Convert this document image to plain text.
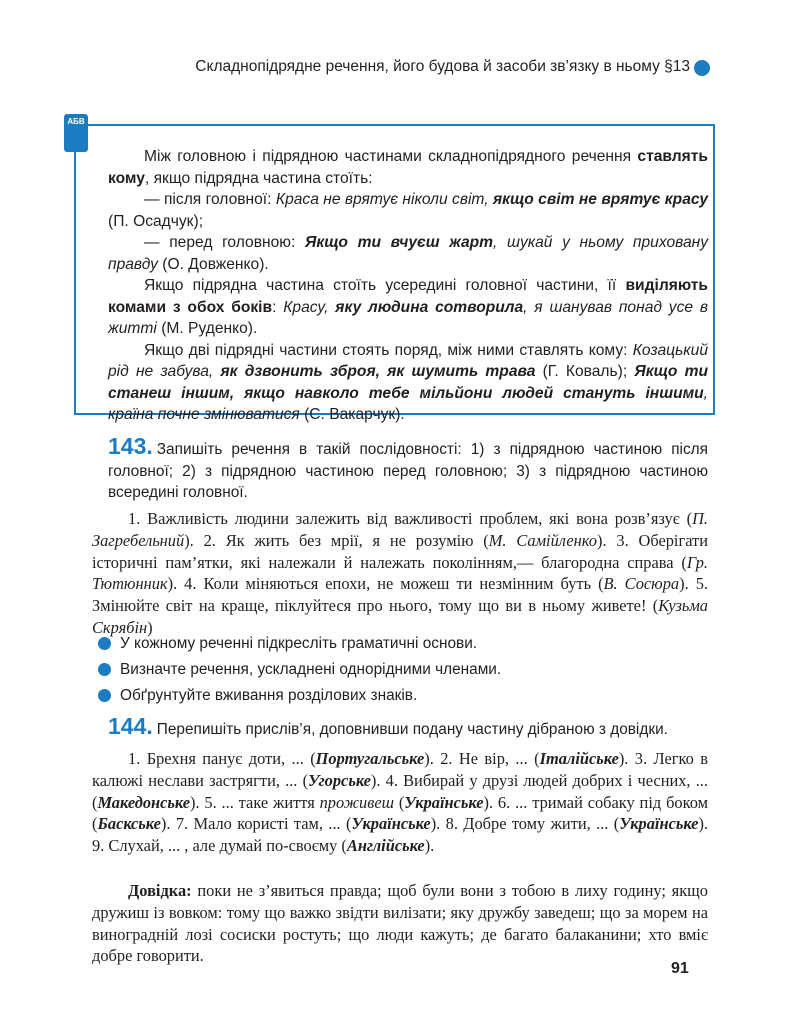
Складнопідрядне речення, його будова й засоби зв’язку в ньому §13
АБВ

Між головною і підрядною частинами складнопідрядного речення ставлять кому, якщо підрядна частина стоїть:

— після головної: Краса не врятує ніколи світ, якщо світ не врятує красу (П. Осадчук);

— перед головною: Якщо ти вчуєш жарт, шукай у ньому приховану правду (О. Довженко).

Якщо підрядна частина стоїть усередині головної частини, її виділяють комами з обох боків: Красу, яку людина сотворила, я шанував понад усе в житті (М. Руденко).

Якщо дві підрядні частини стоять поряд, між ними ставлять кому: Козацький рід не забува, як дзвонить зброя, як шумить трава (Г. Коваль); Якщо ти станеш іншим, якщо навколо тебе мільйони людей стануть іншими, країна почне змінюватися (С. Вакарчук).

143. Запишіть речення в такій послідовності: 1) з підрядною частиною після головної; 2) з підрядною частиною перед головною; 3) з підрядною частиною всередині головної.

1. Важливість людини залежить від важливості проблем, які вона розв’язує (П. Загребельний). 2. Як жить без мрії, я не розумію (М. Самійленко). 3. Оберігати історичні пам’ятки, які належали й належать поколінням,— благородна справа (Гр. Тютюнник). 4. Коли міняються епохи, не можеш ти незмінним буть (В. Сосюра). 5. Змінюйте світ на краще, піклуйтеся про нього, тому що ви в ньому живете! (Кузьма Скрябін)

У кожному реченні підкресліть граматичні основи.
Визначте речення, ускладнені однорідними членами.
Обґрунтуйте вживання розділових знаків.
144. Перепишіть прислів’я, доповнивши подану частину дібраною з довідки.

1. Брехня панує доти, ... (Португальське). 2. Не вір, ... (Італійське). 3. Легко в калюжі неслави застрягти, ... (Угорське). 4. Вибирай у друзі людей добрих і чесних, ... (Македонське). 5. ... таке життя проживеш (Українське). 6. ... тримай собаку під боком (Баскське). 7. Мало користі там, ... (Українське). 8. Добре тому жити, ... (Українське). 9. Слухай, ... , але думай по-своєму (Англійське).

Довідка: поки не з’явиться правда; щоб були вони з тобою в лиху годину; якщо дружиш із вовком: тому що важко звідти вилізати; яку дружбу заведеш; що за морем на виноградній лозі сосиски ростуть; що люди кажуть; де багато балаканини; хто вміє добре говорити.

91
